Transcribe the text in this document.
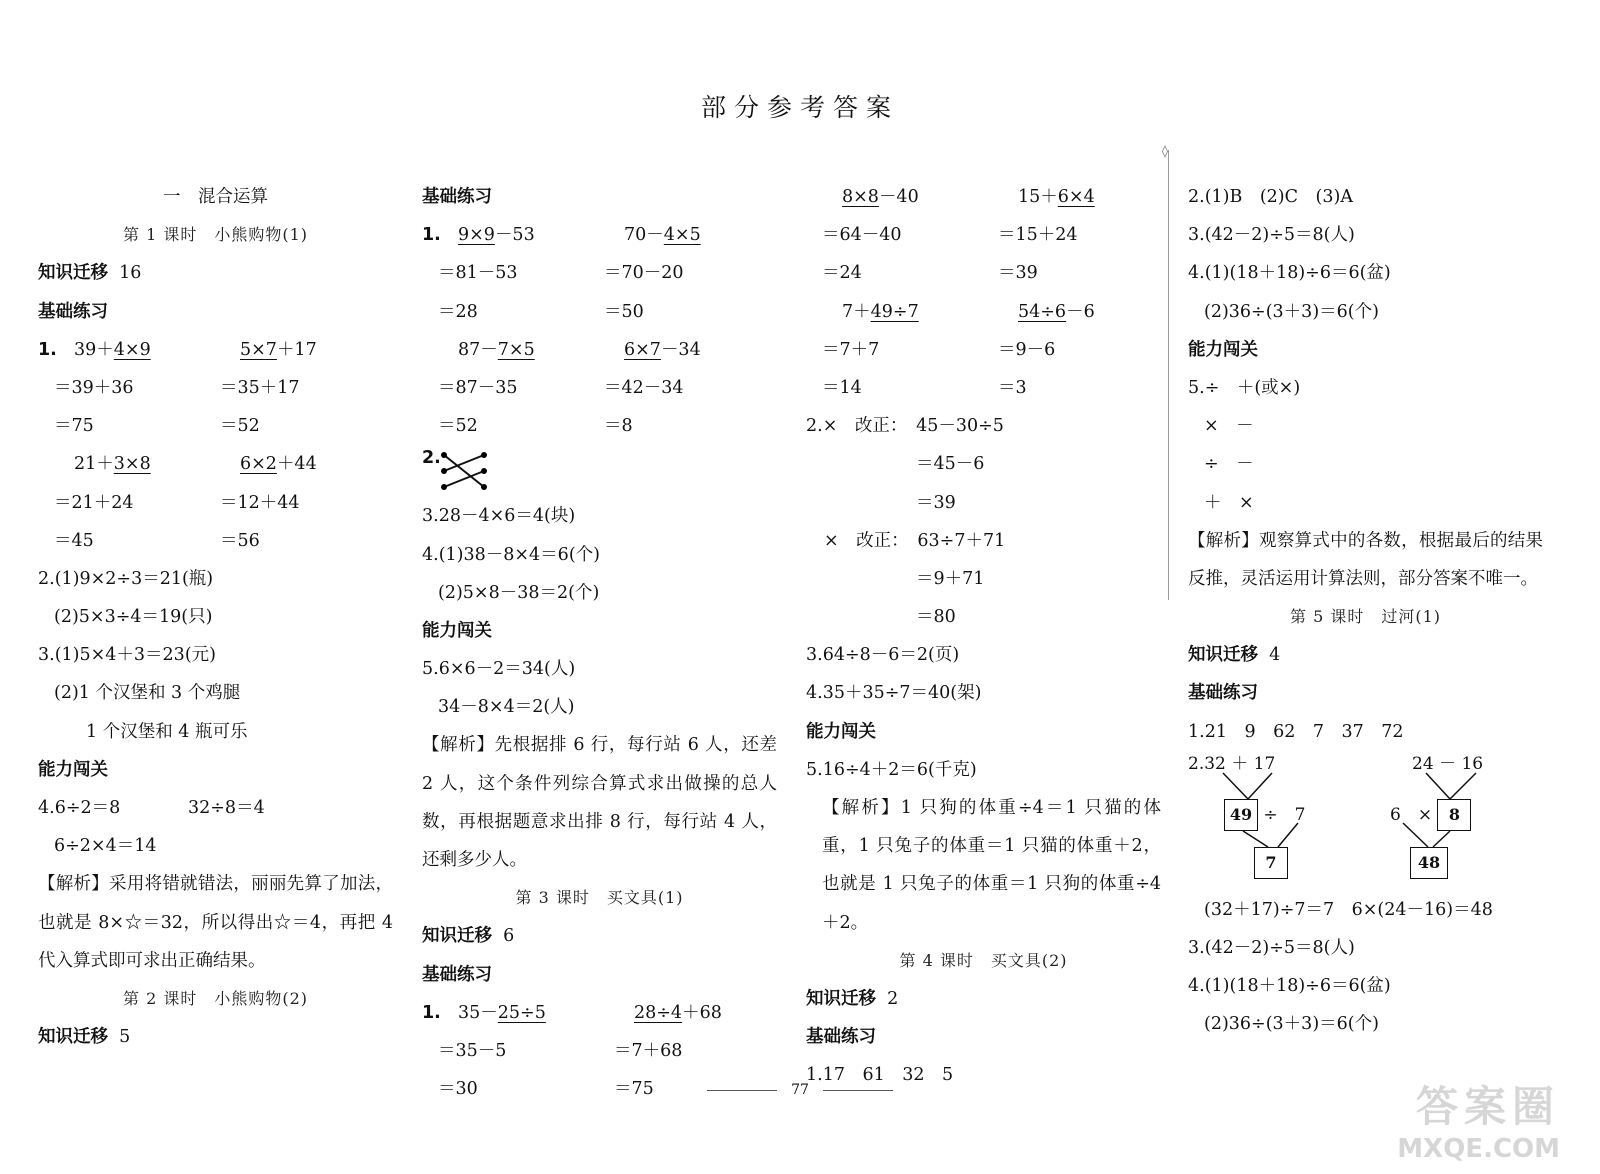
部分参考答案
◊
一　混合运算
第 1 课时　小熊购物(1)
知识迁移 16
基础练习
1. 39＋4×9	5×7＋17
＝39＋36	＝35＋17
＝75	＝52
21＋3×8	6×2＋44
＝21＋24	＝12＋44
＝45	＝56
2.(1)9×2÷3＝21(瓶)
(2)5×3÷4＝19(只)
3.(1)5×4＋3＝23(元)
(2)1 个汉堡和 3 个鸡腿
1 个汉堡和 4 瓶可乐
能力闯关
4.6÷2＝8	32÷8＝4
6÷2×4＝14
【解析】采用将错就错法，丽丽先算了加法，也就是 8×☆＝32，所以得出☆＝4，再把 4 代入算式即可求出正确结果。
第 2 课时　小熊购物(2)
知识迁移 5
基础练习
1. 9×9－53	70－4×5
＝81－53	＝70－20
＝28	＝50
87－7×5	6×7－34
＝87－35	＝42－34
＝52	＝8
2.
3.28－4×6＝4(块)
4.(1)38－8×4＝6(个)
(2)5×8－38＝2(个)
能力闯关
5.6×6－2＝34(人)
34－8×4＝2(人)
【解析】先根据排 6 行，每行站 6 人，还差 2 人，这个条件列综合算式求出做操的总人数，再根据题意求出排 8 行，每行站 4 人，还剩多少人。
第 3 课时　买文具(1)
知识迁移 6
基础练习
1. 35－25÷5	28÷4＋68
＝35－5	＝7＋68
＝30	＝75
8×8－40	15＋6×4
＝64－40	＝15＋24
＝24	＝39
7＋49÷7	54÷6－6
＝7＋7	＝9－6
＝14	＝3
2.×　改正：　45－30÷5
＝45－6
＝39
×　改正：　63÷7＋71
＝9＋71
＝80
3.64÷8－6＝2(页)
4.35＋35÷7＝40(架)
能力闯关
5.16÷4＋2＝6(千克)
【解析】1 只狗的体重÷4＝1 只猫的体重，1 只兔子的体重＝1 只猫的体重＋2，也就是 1 只兔子的体重＝1 只狗的体重÷4＋2。
第 4 课时　买文具(2)
知识迁移 2
基础练习
1.17　61　32　5
2.(1)B　(2)C　(3)A
3.(42－2)÷5＝8(人)
4.(1)(18＋18)÷6＝6(盆)
(2)36÷(3＋3)＝6(个)
能力闯关
5.÷　＋(或×)
×　－
÷　－
＋　×
【解析】观察算式中的各数，根据最后的结果反推，灵活运用计算法则，部分答案不唯一。
第 5 课时　过河(1)
知识迁移 4
基础练习
1.21　9　62　7　37　72
2.32 ＋ 17
49 ÷　7
7
24 － 16
6　× 8
48
(32＋17)÷7＝7　6×(24－16)＝48
3.(42－2)÷5＝8(人)
4.(1)(18＋18)÷6＝6(盆)
(2)36÷(3＋3)＝6(个)
77	答案圈
MXQE.COM
